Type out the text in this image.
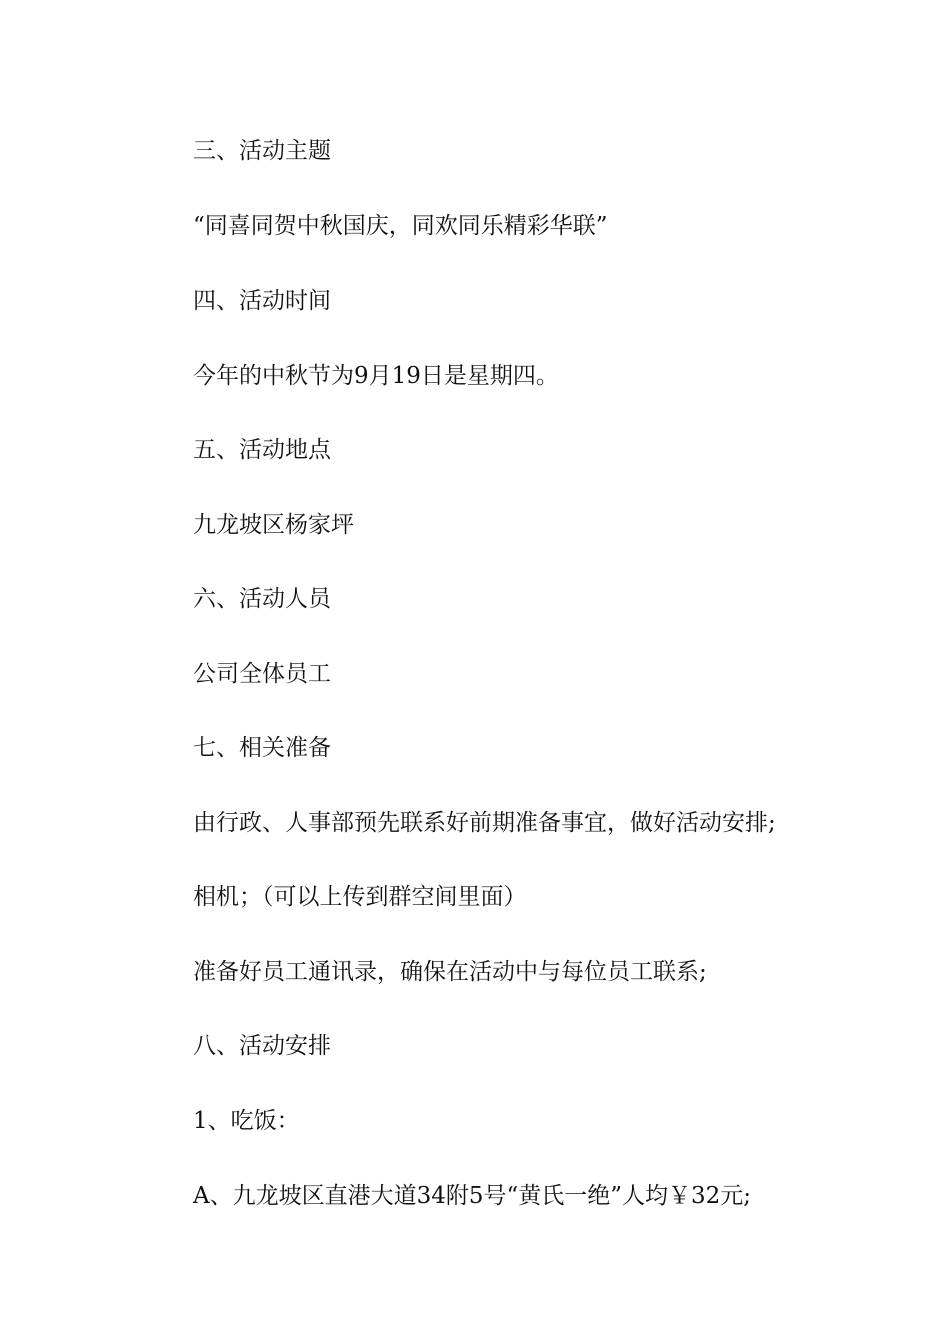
三、活动主题

“同喜同贺中秋国庆，同欢同乐精彩华联”

四、活动时间

今年的中秋节为9月19日是星期四。

五、活动地点

九龙坡区杨家坪

六、活动人员

公司全体员工

七、相关准备

由行政、人事部预先联系好前期准备事宜，做好活动安排;

相机；（可以上传到群空间里面）

准备好员工通讯录，确保在活动中与每位员工联系;

八、活动安排

1、吃饭：

A、九龙坡区直港大道34附5号“黄氏一绝”人均￥32元;
